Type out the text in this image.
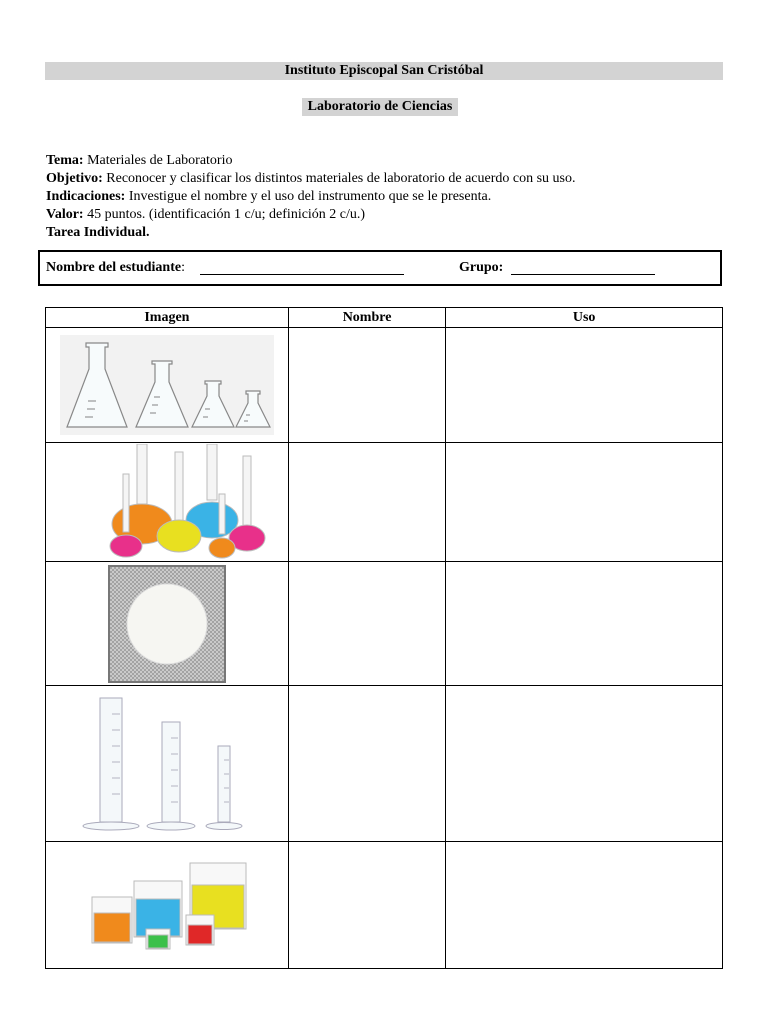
Instituto Episcopal San Cristóbal
Laboratorio de Ciencias
Tema: Materiales de Laboratorio
Objetivo: Reconocer y clasificar los distintos materiales de laboratorio de acuerdo con su uso.
Indicaciones: Investigue el nombre y el uso del instrumento que se le presenta.
Valor: 45 puntos. (identificación 1 c/u; definición 2 c/u.)
Tarea Individual.
Nombre del estudiante:	Grupo:
Imagen	Nombre	Uso
